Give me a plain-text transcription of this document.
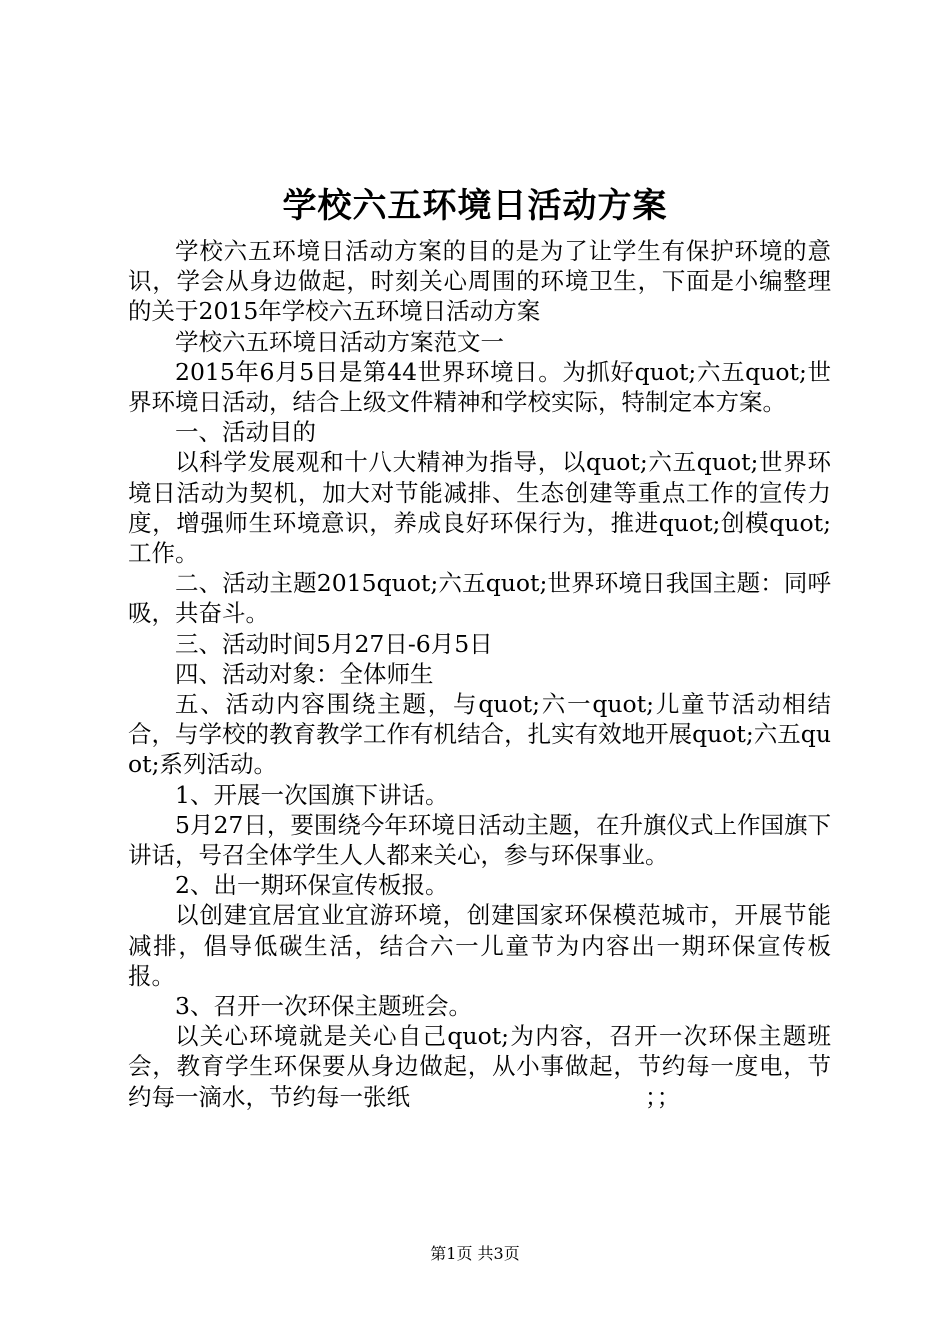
学校六五环境日活动方案

学校六五环境日活动方案的目的是为了让学生有保护环境的意识，学会从身边做起，时刻关心周围的环境卫生，下面是小编整理的关于2015年学校六五环境日活动方案

学校六五环境日活动方案范文一

2015年6月5日是第44世界环境日。为抓好quot;六五quot;世界环境日活动，结合上级文件精神和学校实际，特制定本方案。

一、活动目的

以科学发展观和十八大精神为指导，以quot;六五quot;世界环境日活动为契机，加大对节能减排、生态创建等重点工作的宣传力度，增强师生环境意识，养成良好环保行为，推进quot;创模quot;工作。

二、活动主题2015quot;六五quot;世界环境日我国主题：同呼吸，共奋斗。

三、活动时间5月27日-6月5日

四、活动对象：全体师生

五、活动内容围绕主题，与quot;六一quot;儿童节活动相结合，与学校的教育教学工作有机结合，扎实有效地开展quot;六五quot;系列活动。

1、开展一次国旗下讲话。

5月27日，要围绕今年环境日活动主题，在升旗仪式上作国旗下讲话，号召全体学生人人都来关心，参与环保事业。

2、出一期环保宣传板报。

以创建宜居宜业宜游环境，创建国家环保模范城市，开展节能减排，倡导低碳生活，结合六一儿童节为内容出一期环保宣传板报。

3、召开一次环保主题班会。

以关心环境就是关心自己quot;为内容，召开一次环保主题班会，教育学生环保要从身边做起，从小事做起，节约每一度电，节约每一滴水，节约每一张纸　　　　　　　　　　；；

第1页 共3页
